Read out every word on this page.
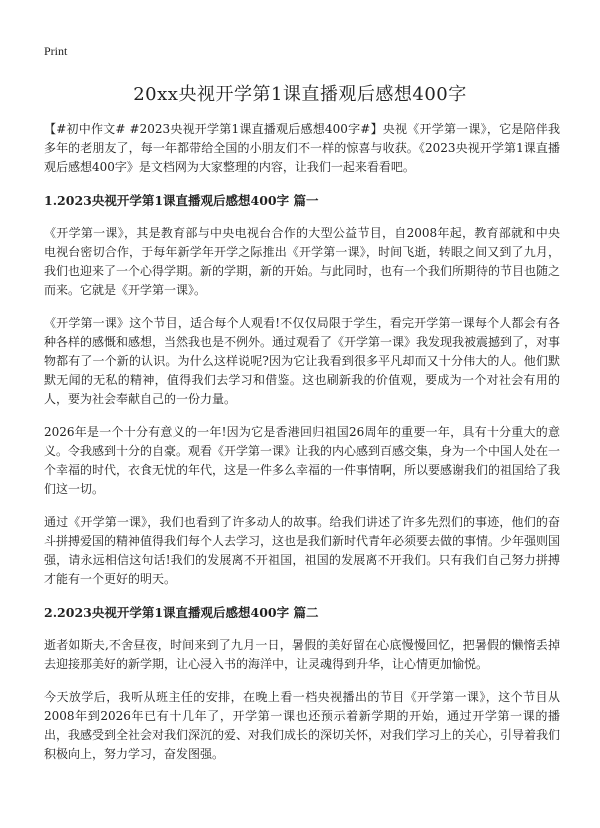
Print
20xx央视开学第1课直播观后感想400字

【#初中作文# #2023央视开学第1课直播观后感想400字#】央视《开学第一课》，它是陪伴我多年的老朋友了，每一年都带给全国的小朋友们不一样的惊喜与收获。《2023央视开学第1课直播观后感想400字》是文档网为大家整理的内容，让我们一起来看看吧。

1.2023央视开学第1课直播观后感想400字 篇一

《开学第一课》，其是教育部与中央电视台合作的大型公益节目，自2008年起，教育部就和中央电视台密切合作，于每年新学年开学之际推出《开学第一课》，时间飞逝，转眼之间又到了九月，我们也迎来了一个心得学期。新的学期，新的开始。与此同时，也有一个我们所期待的节目也随之而来。它就是《开学第一课》。

《开学第一课》这个节目，适合每个人观看!不仅仅局限于学生，看完开学第一课每个人都会有各种各样的感慨和感想，当然我也是不例外。通过观看了《开学第一课》我发现我被震撼到了，对事物都有了一个新的认识。为什么这样说呢?因为它让我看到很多平凡却而又十分伟大的人。他们默默无闻的无私的精神，值得我们去学习和借鉴。这也刷新我的价值观，要成为一个对社会有用的人，要为社会奉献自己的一份力量。

2026年是一个十分有意义的一年!因为它是香港回归祖国26周年的重要一年，具有十分重大的意义。令我感到十分的自豪。观看《开学第一课》让我的内心感到百感交集，身为一个中国人处在一个幸福的时代，衣食无忧的年代，这是一件多么幸福的一件事情啊，所以要感谢我们的祖国给了我们这一切。

通过《开学第一课》，我们也看到了许多动人的故事。给我们讲述了许多先烈们的事迹，他们的奋斗拼搏爱国的精神值得我们每个人去学习，这也是我们新时代青年必须要去做的事情。少年强则国强，请永远相信这句话!我们的发展离不开祖国，祖国的发展离不开我们。只有我们自己努力拼搏才能有一个更好的明天。

2.2023央视开学第1课直播观后感想400字 篇二

逝者如斯夫,不舍昼夜，时间来到了九月一日，暑假的美好留在心底慢慢回忆，把暑假的懒惰丢掉去迎接那美好的新学期，让心浸入书的海洋中，让灵魂得到升华，让心情更加愉悦。

今天放学后，我听从班主任的安排，在晚上看一档央视播出的节目《开学第一课》，这个节目从2008年到2026年已有十几年了，开学第一课也还预示着新学期的开始，通过开学第一课的播出，我感受到全社会对我们深沉的爱、对我们成长的深切关怀，对我们学习上的关心，引导着我们积极向上，努力学习，奋发图强。
